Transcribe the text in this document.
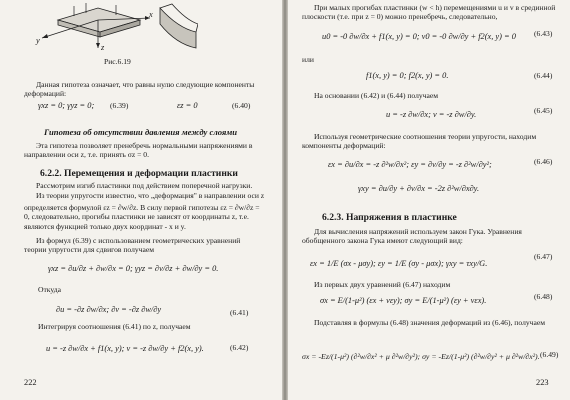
x
y
z
Рис.6.19
Данная гипотеза означает, что равны нулю следующие компоненты деформаций:
γxz = 0; γyz = 0; (6.39)	εz = 0	(6.40)
Гипотеза об отсутствии давления между слоями
Эта гипотеза позволяет пренебречь нормальными напряжениями в направлении оси z, т.е. принять σz = 0.
6.2.2. Перемещения и деформации пластинки
Рассмотрим изгиб пластинки под действием поперечной нагрузки.
Из теории упругости известно, что „деформация" в направлении оси z
определяется формулой εz = ∂w/∂z. В силу первой гипотезы εz = ∂w/∂z = 0, следовательно, прогибы пластинки не зависят от координаты z, т.е. являются функцией только двух координат - x и y.
Из формул (6.39) с использованием геометрических уравнений теории упругости для сдвигов получаем
γxz = ∂u/∂z + ∂w/∂x = 0; γyz = ∂v/∂z + ∂w/∂y = 0.
Откуда
∂u = -∂z ∂w/∂x; ∂v = -∂z ∂w/∂y	(6.41)
Интегрируя соотношения (6.41) по z, получаем
u = -z ∂w/∂x + f1(x, y); v = -z ∂w/∂y + f2(x, y).	(6.42)
222
При малых прогибах пластинки (w < h) перемещениями u и v в срединной плоскости (т.е. при z = 0) можно пренебречь, следовательно,
u0 = -0 ∂w/∂x + f1(x, y) = 0; v0 = -0 ∂w/∂y + f2(x, y) = 0 (6.43)
или
f1(x, y) = 0; f2(x, y) = 0.	(6.44)
На основании (6.42) и (6.44) получаем
u = -z ∂w/∂x; v = -z ∂w/∂y.	(6.45)
Используя геометрические соотношения теории упругости, находим компоненты деформаций:
εx = ∂u/∂x = -z ∂²w/∂x²; εy = ∂v/∂y = -z ∂²w/∂y²;	(6.46)
γxy = ∂u/∂y + ∂v/∂x = -2z ∂²w/∂x∂y.
6.2.3. Напряжения в пластинке
Для вычисления напряжений используем закон Гука. Уравнения обобщенного закона Гука имеют следующий вид:
εx = 1/E (σx - μσy); εy = 1/E (σy - μσx); γxy = τxy/G.
(6.47)
Из первых двух уравнений (6.47) находим
σx = E/(1-μ²) (εx + νεy); σy = E/(1-μ²) (εy + νεx).	(6.48)
Подставляя в формулы (6.48) значения деформаций из (6.46), получаем
σx = -Ez/(1-μ²) (∂²w/∂x² + μ ∂²w/∂y²); σy = -Ez/(1-μ²) (∂²w/∂y² + μ ∂²w/∂x²). (6.49)
223
